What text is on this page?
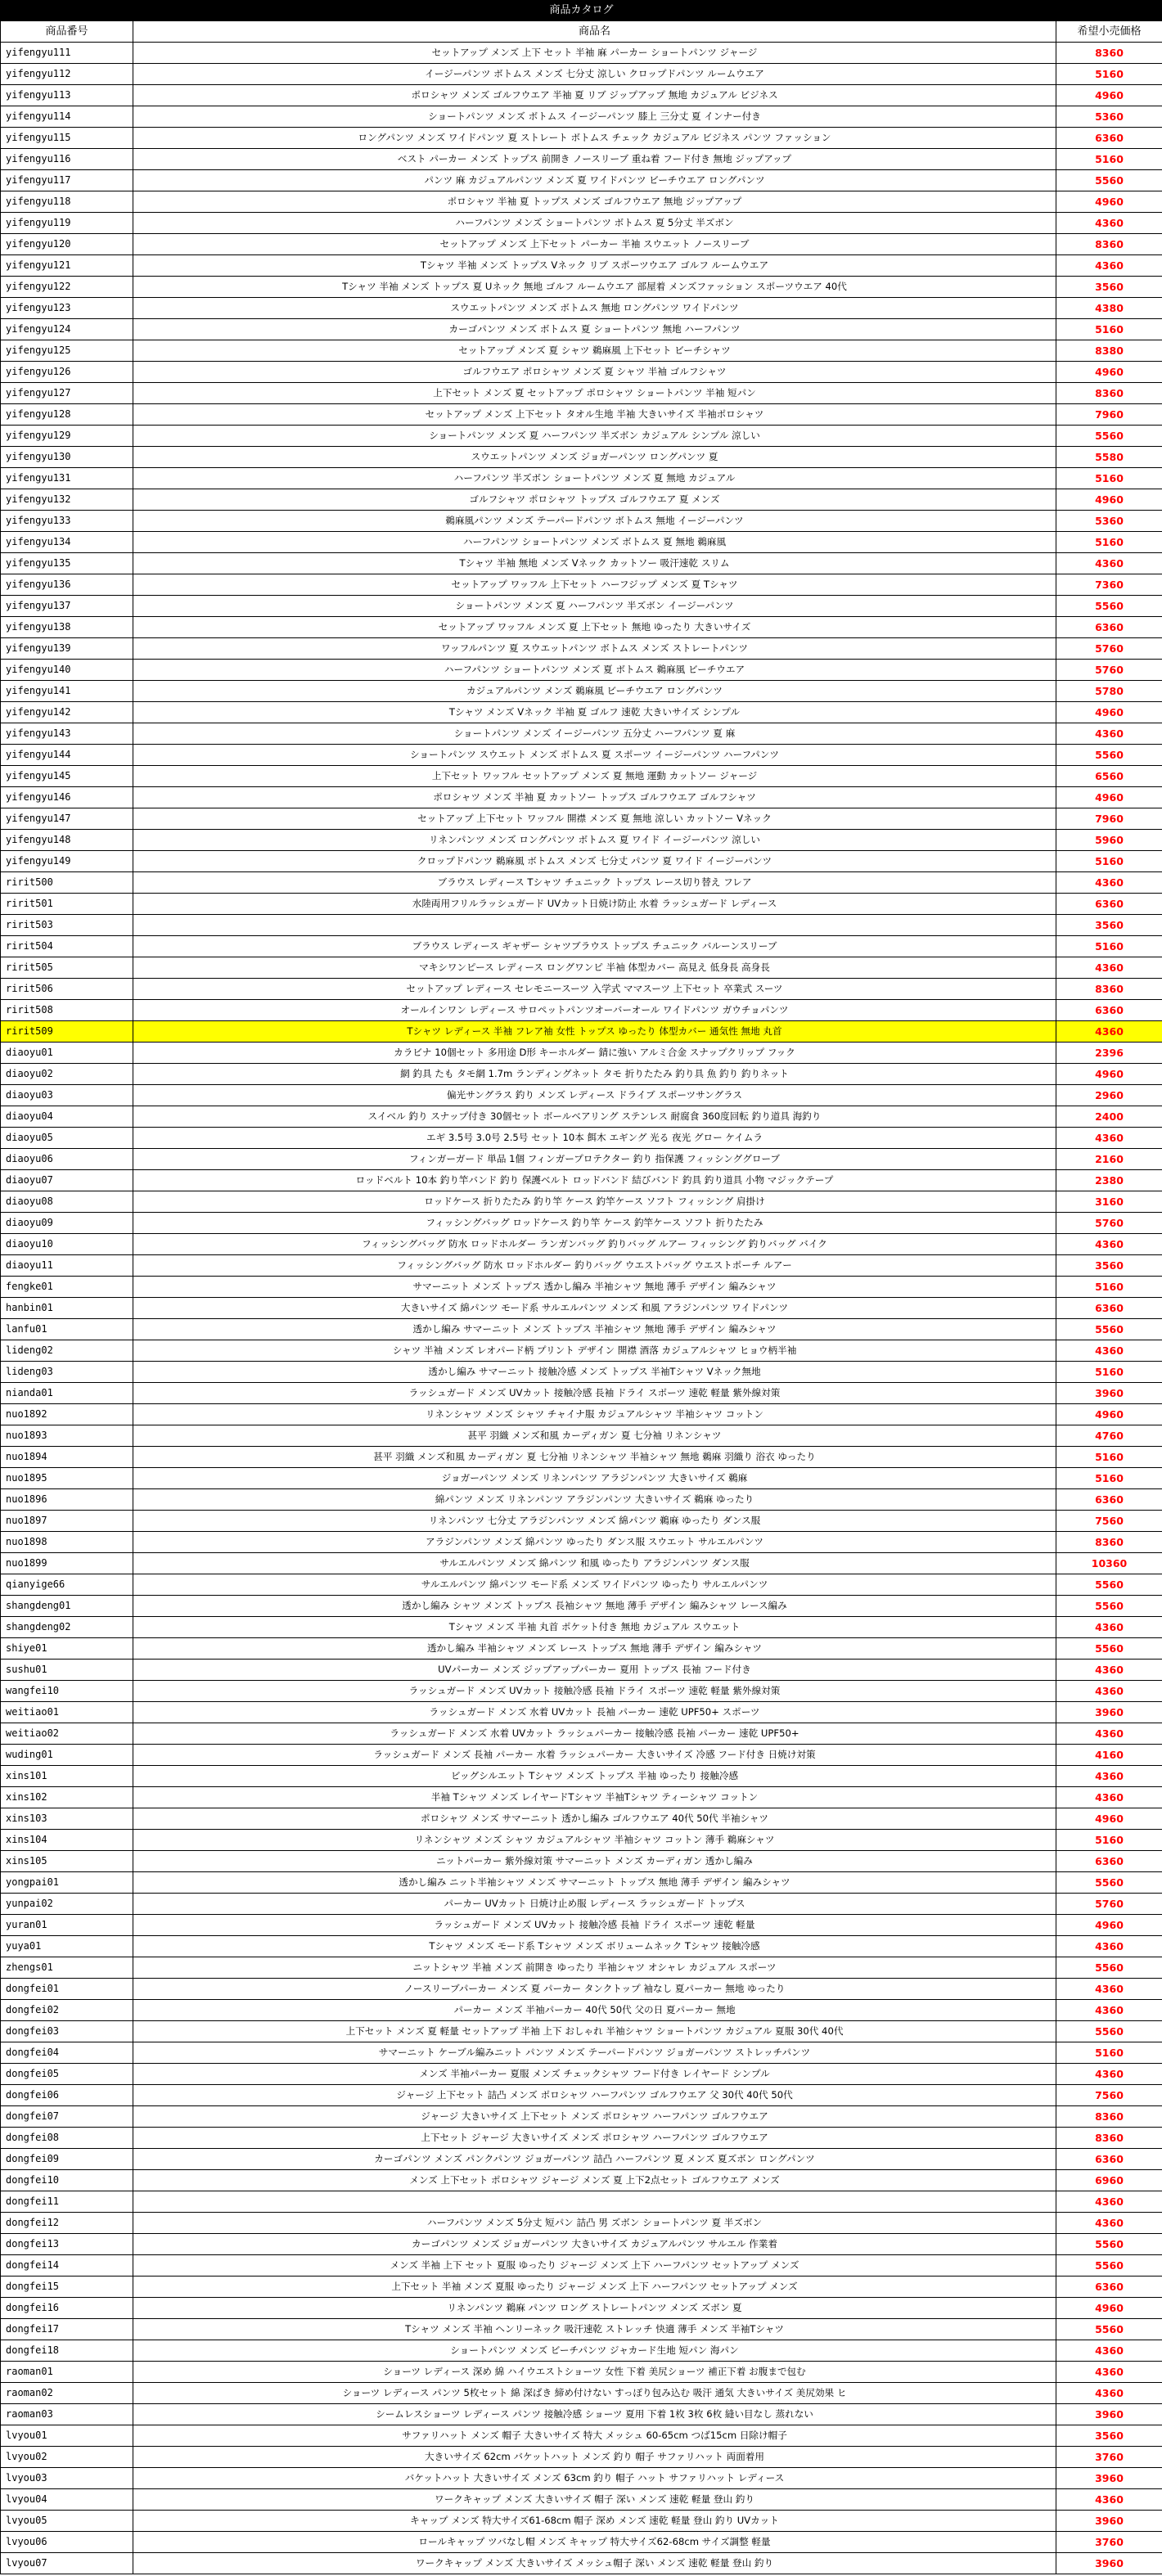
商品カタログ		
商品番号	商品名	希望小売価格
yifengyu111	セットアップ メンズ 上下 セット 半袖 麻 パーカー ショートパンツ ジャージ	8360
yifengyu112	イージーパンツ ボトムス メンズ 七分丈 涼しい クロップドパンツ ルームウエア	5160
yifengyu113	ポロシャツ メンズ ゴルフウエア 半袖 夏 リブ ジップアップ 無地 カジュアル ビジネス	4960
yifengyu114	ショートパンツ メンズ ボトムス イージーパンツ 膝上 三分丈 夏 インナー付き	5360
yifengyu115	ロングパンツ メンズ ワイドパンツ 夏 ストレート ボトムス チェック カジュアル ビジネス パンツ ファッション	6360
yifengyu116	ベスト パーカー メンズ トップス 前開き ノースリーブ 重ね着 フード付き 無地 ジップアップ	5160
yifengyu117	パンツ 麻 カジュアルパンツ メンズ 夏 ワイドパンツ ビーチウエア ロングパンツ	5560
yifengyu118	ポロシャツ 半袖 夏 トップス メンズ ゴルフウエア 無地 ジップアップ	4960
yifengyu119	ハーフパンツ メンズ ショートパンツ ボトムス 夏 5分丈 半ズボン	4360
yifengyu120	セットアップ メンズ 上下セット パーカー 半袖 スウエット ノースリーブ	8360
yifengyu121	Tシャツ 半袖 メンズ トップス Vネック リブ スポーツウエア ゴルフ ルームウエア	4360
yifengyu122	Tシャツ 半袖 メンズ トップス 夏 Uネック 無地 ゴルフ ルームウエア 部屋着 メンズファッション スポーツウエア 40代	3560
yifengyu123	スウエットパンツ メンズ ボトムス 無地 ロングパンツ ワイドパンツ	4380
yifengyu124	カーゴパンツ メンズ ボトムス 夏 ショートパンツ 無地 ハーフパンツ	5160
yifengyu125	セットアップ メンズ 夏 シャツ 鵜麻風 上下セット ビーチシャツ	8380
yifengyu126	ゴルフウエア ポロシャツ メンズ 夏 シャツ 半袖 ゴルフシャツ	4960
yifengyu127	上下セット メンズ 夏 セットアップ ポロシャツ ショートパンツ 半袖 短パン	8360
yifengyu128	セットアップ メンズ 上下セット タオル生地 半袖 大きいサイズ 半袖ポロシャツ	7960
yifengyu129	ショートパンツ メンズ 夏 ハーフパンツ 半ズボン カジュアル シンプル 涼しい	5560
yifengyu130	スウエットパンツ メンズ ジョガーパンツ ロングパンツ 夏	5580
yifengyu131	ハーフパンツ 半ズボン ショートパンツ メンズ 夏 無地 カジュアル	5160
yifengyu132	ゴルフシャツ ポロシャツ トップス ゴルフウエア 夏 メンズ	4960
yifengyu133	鵜麻風パンツ メンズ テーパードパンツ ボトムス 無地 イージーパンツ	5360
yifengyu134	ハーフパンツ ショートパンツ メンズ ボトムス 夏 無地 鵜麻風	5160
yifengyu135	Tシャツ 半袖 無地 メンズ Vネック カットソー 吸汗速乾 スリム	4360
yifengyu136	セットアップ ワッフル 上下セット ハーフジップ メンズ 夏 Tシャツ	7360
yifengyu137	ショートパンツ メンズ 夏 ハーフパンツ 半ズボン イージーパンツ	5560
yifengyu138	セットアップ ワッフル メンズ 夏 上下セット 無地 ゆったり 大きいサイズ	6360
yifengyu139	ワッフルパンツ 夏 スウエットパンツ ボトムス メンズ ストレートパンツ	5760
yifengyu140	ハーフパンツ ショートパンツ メンズ 夏 ボトムス 鵜麻風 ビーチウエア	5760
yifengyu141	カジュアルパンツ メンズ 鵜麻風 ビーチウエア ロングパンツ	5780
yifengyu142	Tシャツ メンズ Vネック 半袖 夏 ゴルフ 速乾 大きいサイズ シンプル	4960
yifengyu143	ショートパンツ メンズ イージーパンツ 五分丈 ハーフパンツ 夏 麻	4360
yifengyu144	ショートパンツ スウエット メンズ ボトムス 夏 スポーツ イージーパンツ ハーフパンツ	5560
yifengyu145	上下セット ワッフル セットアップ メンズ 夏 無地 運動 カットソー ジャージ	6560
yifengyu146	ポロシャツ メンズ 半袖 夏 カットソー トップス ゴルフウエア ゴルフシャツ	4960
yifengyu147	セットアップ 上下セット ワッフル 開襟 メンズ 夏 無地 涼しい カットソー Vネック	7960
yifengyu148	リネンパンツ メンズ ロングパンツ ボトムス 夏 ワイド イージーパンツ 涼しい	5960
yifengyu149	クロップドパンツ 鵜麻風 ボトムス メンズ 七分丈 パンツ 夏 ワイド イージーパンツ	5160
ririt500	ブラウス レディース Tシャツ チュニック トップス レース切り替え フレア	4360
ririt501	水陸両用フリルラッシュガード UVカット日焼け防止 水着 ラッシュガード レディース	6360
ririt503		3560
ririt504	ブラウス レディース ギャザー シャツブラウス トップス チュニック バルーンスリーブ	5160
ririt505	マキシワンピース レディース ロングワンピ 半袖 体型カバー 高見え 低身長 高身長	4360
ririt506	セットアップ レディース セレモニースーツ 入学式 ママスーツ 上下セット 卒業式 スーツ	8360
ririt508	オールインワン レディース サロペットパンツオーバーオール ワイドパンツ ガウチョパンツ	6360
ririt509	Tシャツ レディース 半袖 フレア袖 女性 トップス ゆったり 体型カバー 通気性 無地 丸首	4360
diaoyu01	カラビナ 10個セット 多用途 D形 キーホルダー 錆に強い アルミ合金 スナップクリップ フック	2396
diaoyu02	網 釣具 たも タモ網 1.7m ランディングネット タモ 折りたたみ 釣り具 魚 釣り 釣りネット	4960
diaoyu03	偏光サングラス 釣り メンズ レディース ドライブ スポーツサングラス	2960
diaoyu04	スイベル 釣り スナップ付き 30個セット ボールベアリング ステンレス 耐腐食 360度回転 釣り道具 海釣り	2400
diaoyu05	エギ 3.5号 3.0号 2.5号 セット 10本 餌木 エギング 光る 夜光 グロー ケイムラ	4360
diaoyu06	フィンガーガード 単品 1個 フィンガープロテクター 釣り 指保護 フィッシンググローブ	2160
diaoyu07	ロッドベルト 10本 釣り竿バンド 釣り 保護ベルト ロッドバンド 結びバンド 釣具 釣り道具 小物 マジックテープ	2380
diaoyu08	ロッドケース 折りたたみ 釣り竿 ケース 釣竿ケース ソフト フィッシング 肩掛け	3160
diaoyu09	フィッシングバッグ ロッドケース 釣り竿 ケース 釣竿ケース ソフト 折りたたみ	5760
diaoyu10	フィッシングバッグ 防水 ロッドホルダー ランガンバッグ 釣りバッグ ルアー フィッシング 釣りバッグ バイク	4360
diaoyu11	フィッシングバッグ 防水 ロッドホルダー 釣りバッグ ウエストバッグ ウエストポーチ ルアー	3560
fengke01	サマーニット メンズ トップス 透かし編み 半袖シャツ 無地 薄手 デザイン 編みシャツ	5160
hanbin01	大きいサイズ 綿パンツ モード系 サルエルパンツ メンズ 和風 アラジンパンツ ワイドパンツ	6360
lanfu01	透かし編み サマーニット メンズ トップス 半袖シャツ 無地 薄手 デザイン 編みシャツ	5560
lideng02	シャツ 半袖 メンズ レオパード柄 プリント デザイン 開襟 酒落 カジュアルシャツ ヒョウ柄半袖	4360
lideng03	透かし編み サマーニット 接触冷感 メンズ トップス 半袖Tシャツ Vネック無地	5160
nianda01	ラッシュガード メンズ UVカット 接触冷感 長袖 ドライ スポーツ 速乾 軽量 紫外線対策	3960
nuo1892	リネンシャツ メンズ シャツ チャイナ服 カジュアルシャツ 半袖シャツ コットン	4960
nuo1893	甚平 羽織 メンズ和風 カーディガン 夏 七分袖 リネンシャツ	4760
nuo1894	甚平 羽織 メンズ和風 カーディガン 夏 七分袖 リネンシャツ 半袖シャツ 無地 鵜麻 羽織り 浴衣 ゆったり	5160
nuo1895	ジョガーパンツ メンズ リネンパンツ アラジンパンツ 大きいサイズ 鵜麻	5160
nuo1896	綿パンツ メンズ リネンパンツ アラジンパンツ 大きいサイズ 鵜麻 ゆったり	6360
nuo1897	リネンパンツ 七分丈 アラジンパンツ メンズ 綿パンツ 鵜麻 ゆったり ダンス服	7560
nuo1898	アラジンパンツ メンズ 綿パンツ ゆったり ダンス服 スウエット サルエルパンツ	8360
nuo1899	サルエルパンツ メンズ 綿パンツ 和風 ゆったり アラジンパンツ ダンス服	10360
qianyige66	サルエルパンツ 綿パンツ モード系 メンズ ワイドパンツ ゆったり サルエルパンツ	5560
shangdeng01	透かし編み シャツ メンズ トップス 長袖シャツ 無地 薄手 デザイン 編みシャツ レース編み	5560
shangdeng02	Tシャツ メンズ 半袖 丸首 ポケット付き 無地 カジュアル スウエット	4360
shiye01	透かし編み 半袖シャツ メンズ レース トップス 無地 薄手 デザイン 編みシャツ	5560
sushu01	UVパーカー メンズ ジップアップパーカー 夏用 トップス 長袖 フード付き	4360
wangfei10	ラッシュガード メンズ UVカット 接触冷感 長袖 ドライ スポーツ 速乾 軽量 紫外線対策	4360
weitiao01	ラッシュガード メンズ 水着 UVカット 長袖 パーカー 速乾 UPF50+ スポーツ	3960
weitiao02	ラッシュガード メンズ 水着 UVカット ラッシュパーカー 接触冷感 長袖 パーカー 速乾 UPF50+	4360
wuding01	ラッシュガード メンズ 長袖 パーカー 水着 ラッシュパーカー 大きいサイズ 冷感 フード付き 日焼け対策	4160
xins101	ビッグシルエット Tシャツ メンズ トップス 半袖 ゆったり 接触冷感	4360
xins102	半袖 Tシャツ メンズ レイヤードTシャツ 半袖Tシャツ ティーシャツ コットン	4360
xins103	ポロシャツ メンズ サマーニット 透かし編み ゴルフウエア 40代 50代 半袖シャツ	4960
xins104	リネンシャツ メンズ シャツ カジュアルシャツ 半袖シャツ コットン 薄手 鵜麻シャツ	5160
xins105	ニットパーカー 紫外線対策 サマーニット メンズ カーディガン 透かし編み	6360
yongpai01	透かし編み ニット半袖シャツ メンズ サマーニット トップス 無地 薄手 デザイン 編みシャツ	5560
yunpai02	パーカー UVカット 日焼け止め服 レディース ラッシュガード トップス	5760
yuran01	ラッシュガード メンズ UVカット 接触冷感 長袖 ドライ スポーツ 速乾 軽量	4960
yuya01	Tシャツ メンズ モード系 Tシャツ メンズ ボリュームネック Tシャツ 接触冷感	4360
zhengs01	ニットシャツ 半袖 メンズ 前開き ゆったり 半袖シャツ オシャレ カジュアル スポーツ	5560
dongfei01	ノースリーブパーカー メンズ 夏 パーカー タンクトップ 袖なし 夏パーカー 無地 ゆったり	4360
dongfei02	パーカー メンズ 半袖パーカー 40代 50代 父の日 夏パーカー 無地	4360
dongfei03	上下セット メンズ 夏 軽量 セットアップ 半袖 上下 おしゃれ 半袖シャツ ショートパンツ カジュアル 夏服 30代 40代	5560
dongfei04	サマーニット ケーブル編みニット パンツ メンズ テーパードパンツ ジョガーパンツ ストレッチパンツ	5160
dongfei05	メンズ 半袖パーカー 夏服 メンズ チェックシャツ フード付き レイヤード シンプル	4360
dongfei06	ジャージ 上下セット 詰凸 メンズ ポロシャツ ハーフパンツ ゴルフウエア 父 30代 40代 50代	7560
dongfei07	ジャージ 大きいサイズ 上下セット メンズ ポロシャツ ハーフパンツ ゴルフウエア	8360
dongfei08	上下セット ジャージ 大きいサイズ メンズ ポロシャツ ハーフパンツ ゴルフウエア	8360
dongfei09	カーゴパンツ メンズ パンクパンツ ジョガーパンツ 詰凸 ハーフパンツ 夏 メンズ 夏ズボン ロングパンツ	6360
dongfei10	メンズ 上下セット ポロシャツ ジャージ メンズ 夏 上下2点セット ゴルフウエア メンズ	6960
dongfei11		4360
dongfei12	ハーフパンツ メンズ 5分丈 短パン 詰凸 男 ズボン ショートパンツ 夏 半ズボン	4360
dongfei13	カーゴパンツ メンズ ジョガーパンツ 大きいサイズ カジュアルパンツ サルエル 作業着	5560
dongfei14	メンズ 半袖 上下 セット 夏服 ゆったり ジャージ メンズ 上下 ハーフパンツ セットアップ メンズ	5560
dongfei15	上下セット 半袖 メンズ 夏服 ゆったり ジャージ メンズ 上下 ハーフパンツ セットアップ メンズ	6360
dongfei16	リネンパンツ 鵜麻 パンツ ロング ストレートパンツ メンズ ズボン 夏	4960
dongfei17	Tシャツ メンズ 半袖 ヘンリーネック 吸汗速乾 ストレッチ 快適 薄手 メンズ 半袖Tシャツ	5560
dongfei18	ショートパンツ メンズ ビーチパンツ ジャカード生地 短パン 海パン	4360
raoman01	ショーツ レディース 深め 綿 ハイウエストショーツ 女性 下着 美尻ショーツ 補正下着 お腹まで包む	4360
raoman02	ショーツ レディース パンツ 5枚セット 綿 深ばき 締め付けない すっぽり包み込む 吸汗 通気 大きいサイズ 美尻効果 ヒ	4360
raoman03	シームレスショーツ レディース パンツ 接触冷感 ショーツ 夏用 下着 1枚 3枚 6枚 縫い目なし 蒸れない	3960
lvyou01	サファリハット メンズ 帽子 大きいサイズ 特大 メッシュ 60-65cm つば15cm 日除け帽子	3560
lvyou02	大きいサイズ 62cm バケットハット メンズ 釣り 帽子 サファリハット 両面着用	3760
lvyou03	バケットハット 大きいサイズ メンズ 63cm 釣り 帽子 ハット サファリハット レディース	3960
lvyou04	ワークキャップ メンズ 大きいサイズ 帽子 深い メンズ 速乾 軽量 登山 釣り	4360
lvyou05	キャップ メンズ 特大サイズ61-68cm 帽子 深め メンズ 速乾 軽量 登山 釣り UVカット	3960
lvyou06	ロールキャップ ツバなし帽 メンズ キャップ 特大サイズ62-68cm サイズ調整 軽量	3760
lvyou07	ワークキャップ メンズ 大きいサイズ メッシュ帽子 深い メンズ 速乾 軽量 登山 釣り	3960
